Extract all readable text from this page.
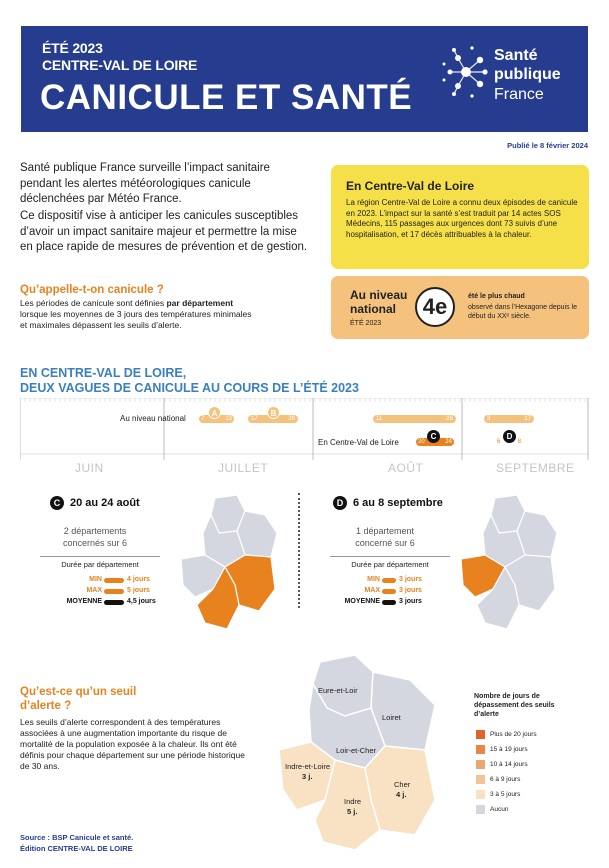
ÉTÉ 2023
CENTRE-VAL DE LOIRE
CANICULE ET SANTÉ
Santé
publique
France
Publié le 8 février 2024

Santé publique France surveille l’impact sanitaire pendant les alertes météorologiques canicule déclenchées par Météo France.

Ce dispositif vise à anticiper les canicules susceptibles d’avoir un impact sanitaire majeur et permettre la mise en place rapide de mesures de prévention et de gestion.

Qu’appelle-t-on canicule ?

Les périodes de canicule sont définies par département lorsque les moyennes de 3 jours des températures minimales et maximales dépassent les seuils d’alerte.

En Centre-Val de Loire

La région Centre-Val de Loire a connu deux épisodes de canicule en 2023. L’impact sur la santé s’est traduit par 14 actes SOS Médecins, 115 passages aux urgences dont 73 suivis d’une hospitalisation, et 17 décès attribuables à la chaleur.

Au niveau
national
ÉTÉ 2023
4e	été le plus chaud
observé dans l’Hexagone depuis le début du XXᵉ siècle.
EN CENTRE-VAL DE LOIRE,
DEUX VAGUES DE CANICULE AU COURS DE L’ÉTÉ 2023
JUIN	JUILLET	AOÛT	SEPTEMBRE
Au niveau national
En Centre-Val de Loire
7	13
A
17	26
B
11	26	3	17
20	24
C
6	8
D
C 20 au 24 août
2 départements
concernés sur 6
Durée par département
MIN	4 jours
MAX	5 jours
MOYENNE	4,5 jours
D 6 au 8 septembre
1 département
concerné sur 6
Durée par département
MIN	3 jours
MAX	3 jours
MOYENNE	3 jours
Qu’est-ce qu’un seuil
d’alerte ?

Les seuils d’alerte correspondent à des températures associées à une augmentation importante du risque de mortalité de la population exposée à la chaleur. Ils ont été définis pour chaque département sur une période historique de 30 ans.

Eure-et-Loir
Loiret
Loir-et-Cher
Indre-et-Loire
3 j.
Cher
4 j.
Indre
5 j.
Nombre de jours de dépassement des seuils d’alerte
Plus de 20 jours
15 à 19 jours
10 à 14 jours
6 à 9 jours
3 à 5 jours
Aucun
Source : BSP Canicule et santé.
Édition CENTRE-VAL DE LOIRE
